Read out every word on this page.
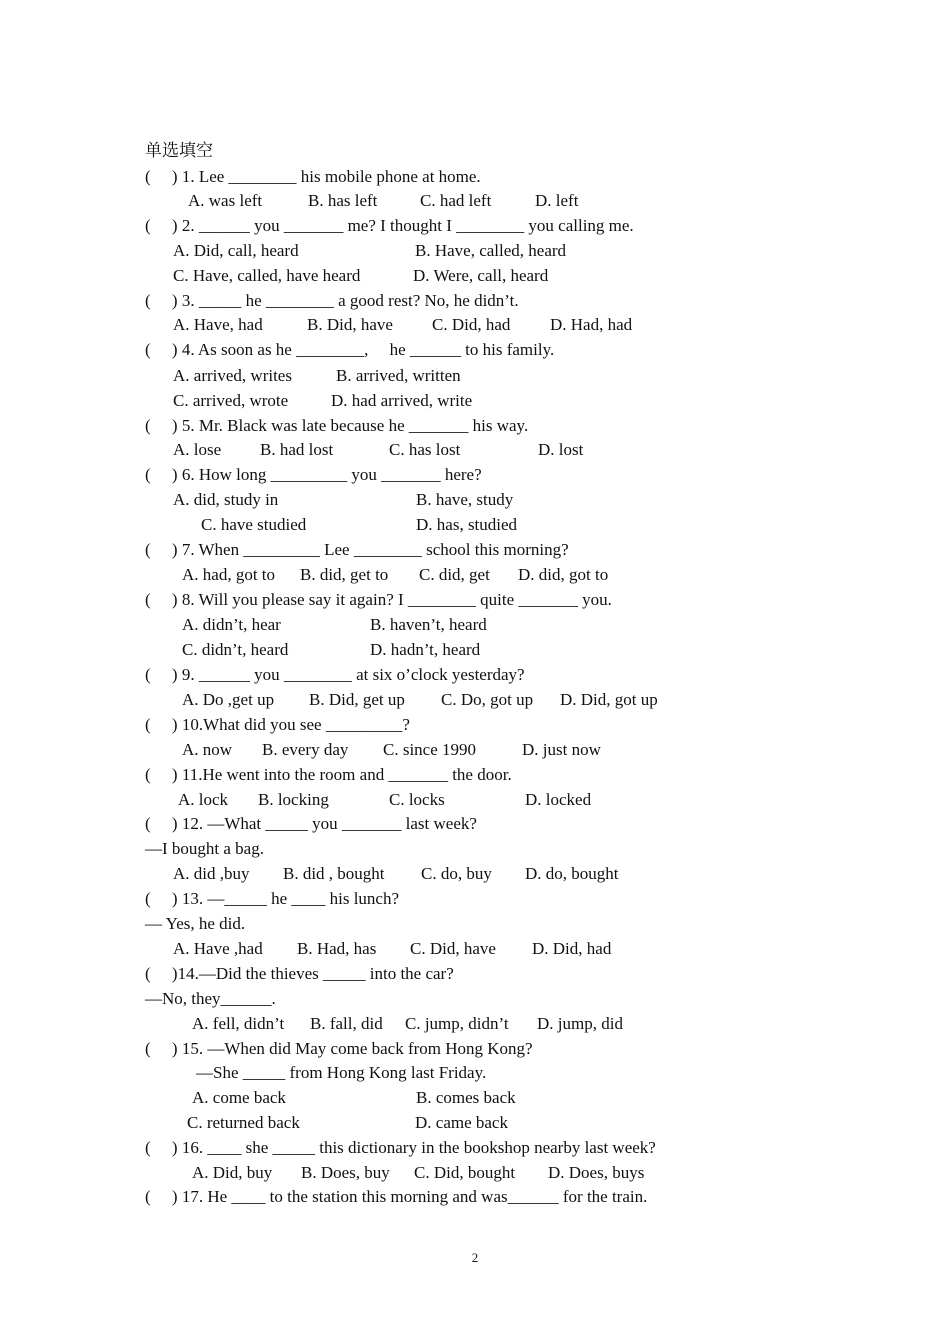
单选填空
(     ) 1. Lee ________ his mobile phone at home.
A. was left	B. has left	C. had left	D. left
(     ) 2. ______ you _______ me? I thought I ________ you calling me.
A. Did, call, heard	B. Have, called, heard
C. Have, called, have heard	D. Were, call, heard
(     ) 3. _____ he ________ a good rest? No, he didn’t.
A. Have, had	B. Did, have C. Did, had D. Had, had
(     ) 4. As soon as he ________,     he ______ to his family.
A. arrived, writes	B. arrived, written
C. arrived, wrote	D. had arrived, write
(     ) 5. Mr. Black was late because he _______ his way.
A. lose B. had lost	C. has lost	D. lost
(     ) 6. How long _________ you _______ here?
A. did, study in	B. have, study
C. have studied	D. has, studied
(     ) 7. When _________ Lee ________ school this morning?
A. had, got to B. did, get to C. did, get D. did, got to
(     ) 8. Will you please say it again? I ________ quite _______ you.
A. didn’t, hear	B. haven’t, heard
C. didn’t, heard	D. hadn’t, heard
(     ) 9. ______ you ________ at six o’clock yesterday?
A. Do ,get up B. Did, get up C. Do, got up D. Did, got up
(     ) 10.What did you see _________?
A. now B. every day C. since 1990	D. just now
(     ) 11.He went into the room and _______ the door.
A. lock B. locking	C. locks	D. locked
(     ) 12. —What _____ you _______ last week?
—I bought a bag.
A. did ,buy B. did , bought C. do, buy D. do, bought
(     ) 13. —_____ he ____ his lunch?
— Yes, he did.
A. Have ,had B. Had, has C. Did, have D. Did, had
(     )14.—Did the thieves _____ into the car?
—No, they______.
A. fell, didn’t B. fall, did C. jump, didn’t D. jump, did
(     ) 15. —When did May come back from Hong Kong?
—She _____ from Hong Kong last Friday.
A. come back	B. comes back
C. returned back	D. came back
(     ) 16. ____ she _____ this dictionary in the bookshop nearby last week?
A. Did, buy B. Does, buy C. Did, bought D. Does, buys
(     ) 17. He ____ to the station this morning and was______ for the train.
2
